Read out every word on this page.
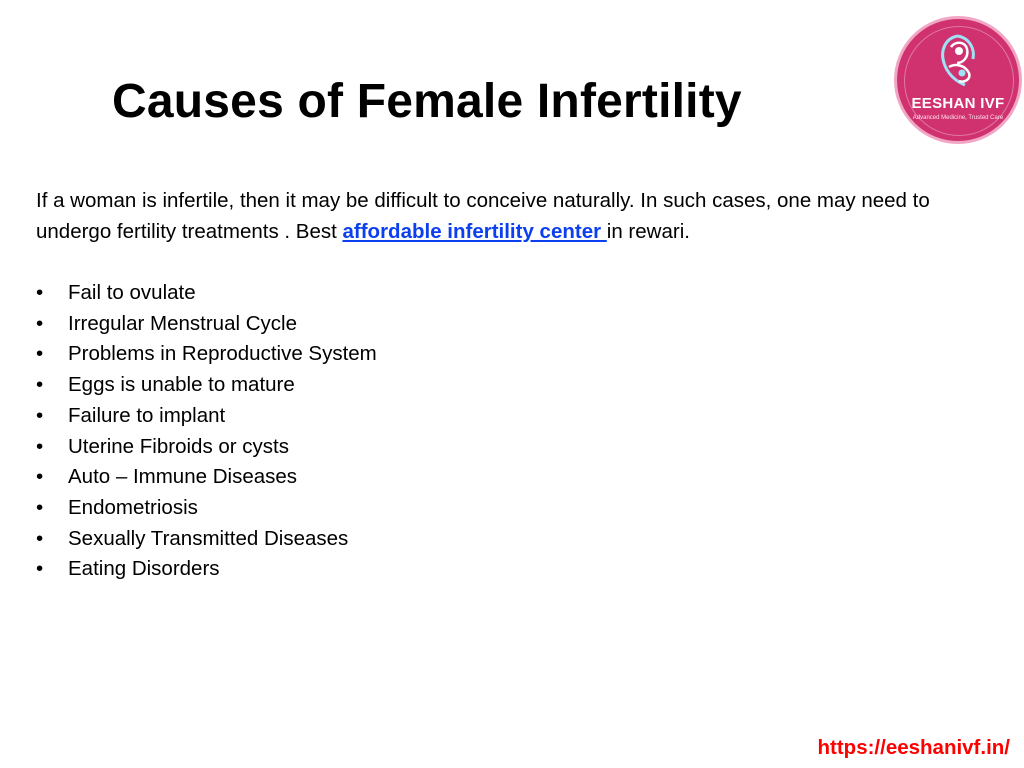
Causes of Female Infertility	EESHAN IVF
Advanced Medicine, Trusted Care

If a woman is infertile, then it may be difficult to conceive naturally. In such cases, one may need to undergo fertility treatments . Best affordable infertility center in rewari.

• Fail to ovulate
• Irregular Menstrual Cycle
• Problems in Reproductive System
• Eggs is unable to mature
• Failure to implant
• Uterine Fibroids or cysts
• Auto – Immune Diseases
• Endometriosis
• Sexually Transmitted Diseases
• Eating Disorders
https://eeshanivf.in/
